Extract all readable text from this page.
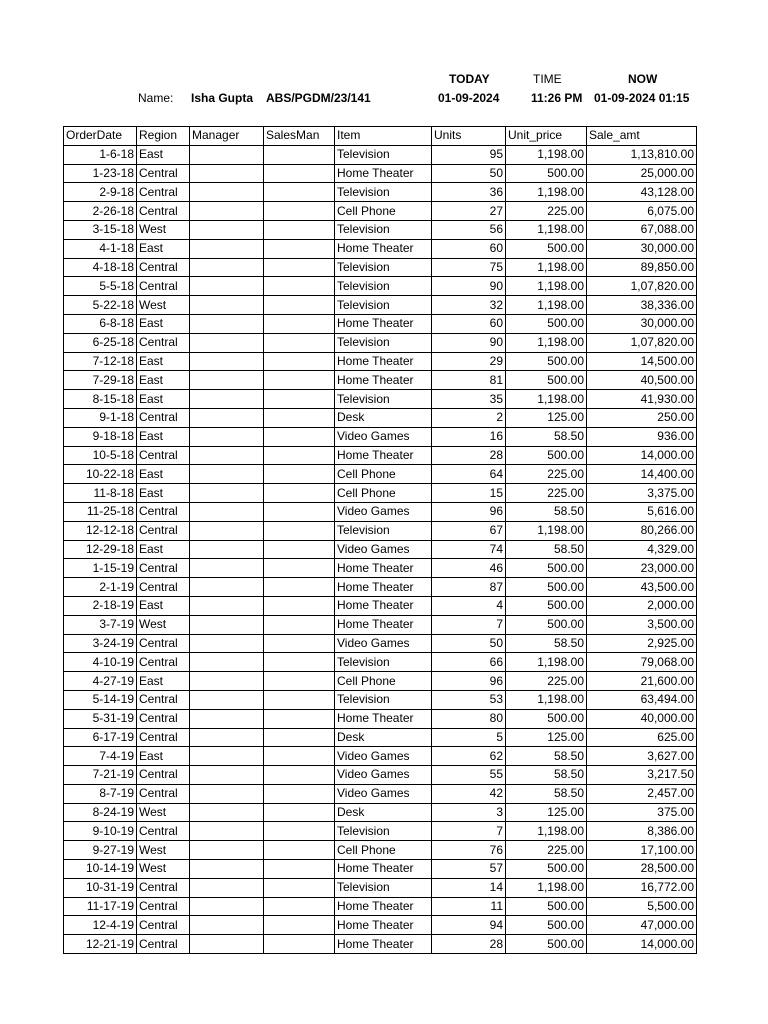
TODAY	TIME	NOW
Name: Isha Gupta ABS/PGDM/23/141	01-09-2024	11:26 PM 01-09-2024 01:15
OrderDate	Region	Manager	SalesMan	Item	Units	Unit_price	Sale_amt
1-6-18	East			Television	95	1,198.00	1,13,810.00
1-23-18	Central			Home Theater	50	500.00	25,000.00
2-9-18	Central			Television	36	1,198.00	43,128.00
2-26-18	Central			Cell Phone	27	225.00	6,075.00
3-15-18	West			Television	56	1,198.00	67,088.00
4-1-18	East			Home Theater	60	500.00	30,000.00
4-18-18	Central			Television	75	1,198.00	89,850.00
5-5-18	Central			Television	90	1,198.00	1,07,820.00
5-22-18	West			Television	32	1,198.00	38,336.00
6-8-18	East			Home Theater	60	500.00	30,000.00
6-25-18	Central			Television	90	1,198.00	1,07,820.00
7-12-18	East			Home Theater	29	500.00	14,500.00
7-29-18	East			Home Theater	81	500.00	40,500.00
8-15-18	East			Television	35	1,198.00	41,930.00
9-1-18	Central			Desk	2	125.00	250.00
9-18-18	East			Video Games	16	58.50	936.00
10-5-18	Central			Home Theater	28	500.00	14,000.00
10-22-18	East			Cell Phone	64	225.00	14,400.00
11-8-18	East			Cell Phone	15	225.00	3,375.00
11-25-18	Central			Video Games	96	58.50	5,616.00
12-12-18	Central			Television	67	1,198.00	80,266.00
12-29-18	East			Video Games	74	58.50	4,329.00
1-15-19	Central			Home Theater	46	500.00	23,000.00
2-1-19	Central			Home Theater	87	500.00	43,500.00
2-18-19	East			Home Theater	4	500.00	2,000.00
3-7-19	West			Home Theater	7	500.00	3,500.00
3-24-19	Central			Video Games	50	58.50	2,925.00
4-10-19	Central			Television	66	1,198.00	79,068.00
4-27-19	East			Cell Phone	96	225.00	21,600.00
5-14-19	Central			Television	53	1,198.00	63,494.00
5-31-19	Central			Home Theater	80	500.00	40,000.00
6-17-19	Central			Desk	5	125.00	625.00
7-4-19	East			Video Games	62	58.50	3,627.00
7-21-19	Central			Video Games	55	58.50	3,217.50
8-7-19	Central			Video Games	42	58.50	2,457.00
8-24-19	West			Desk	3	125.00	375.00
9-10-19	Central			Television	7	1,198.00	8,386.00
9-27-19	West			Cell Phone	76	225.00	17,100.00
10-14-19	West			Home Theater	57	500.00	28,500.00
10-31-19	Central			Television	14	1,198.00	16,772.00
11-17-19	Central			Home Theater	11	500.00	5,500.00
12-4-19	Central			Home Theater	94	500.00	47,000.00
12-21-19	Central			Home Theater	28	500.00	14,000.00
